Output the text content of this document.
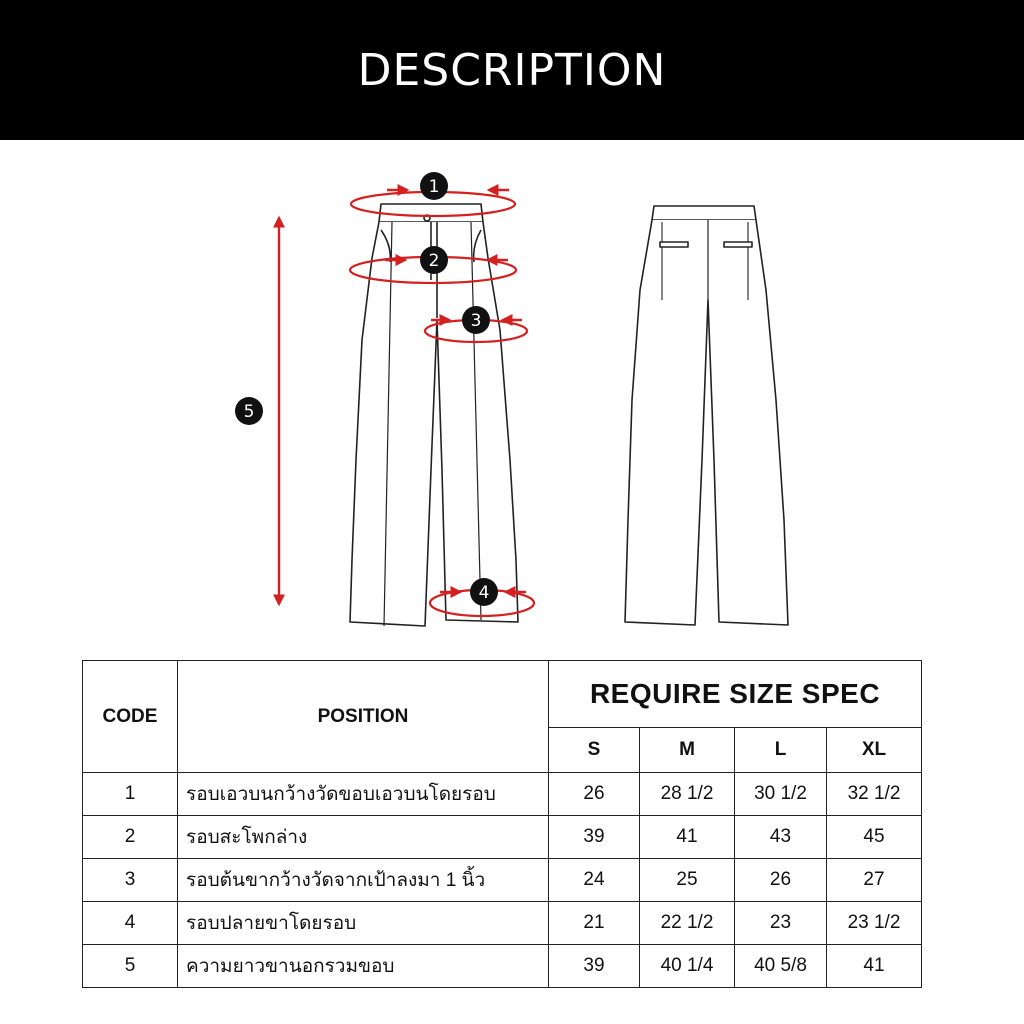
DESCRIPTION
1
2
3
4
5
CODE	POSITION	REQUIRE SIZE SPEC			
		S	M	L	XL
1	รอบเอวบนกว้างวัดขอบเอวบนโดยรอบ	26	28 1/2	30 1/2	32 1/2
2	รอบสะโพกล่าง	39	41	43	45
3	รอบต้นขากว้างวัดจากเป้าลงมา 1 นิ้ว	24	25	26	27
4	รอบปลายขาโดยรอบ	21	22 1/2	23	23 1/2
5	ความยาวขานอกรวมขอบ	39	40 1/4	40 5/8	41
